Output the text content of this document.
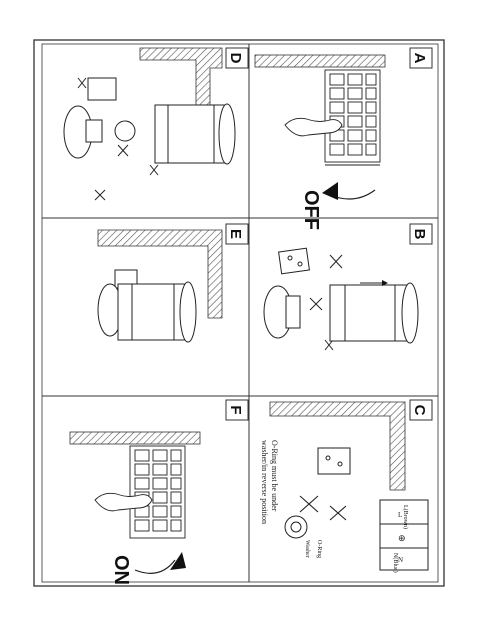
A
OFF
B
C
L
⊕
N
L(Brown)
N(Blue)
O-Ring
Washer
O-Ring must be under
washer/in reverse position
D
E
F
ON
